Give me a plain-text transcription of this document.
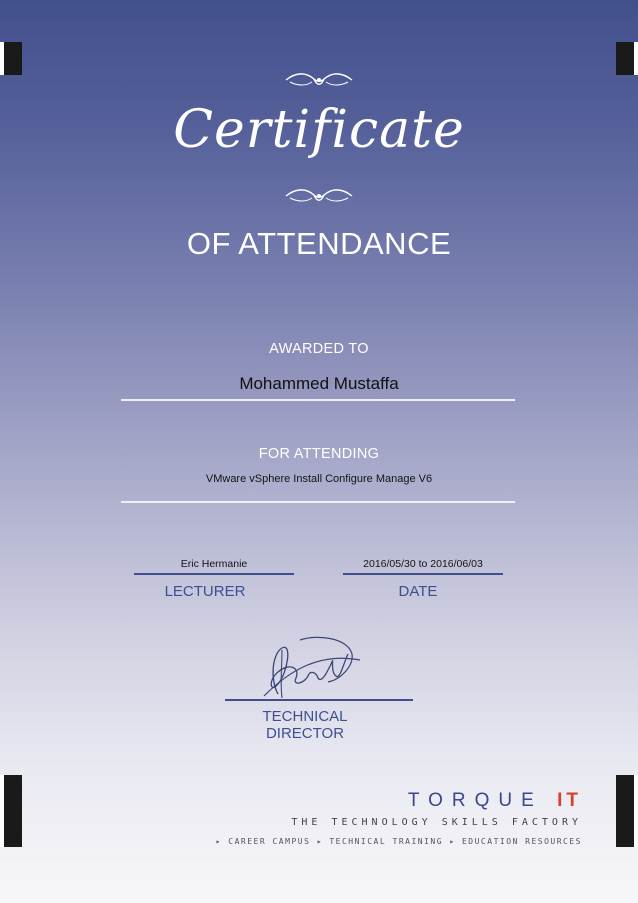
Certificate
OF ATTENDANCE
AWARDED TO
Mohammed Mustaffa
FOR ATTENDING
VMware vSphere Install Configure Manage V6
Eric Hermanie
LECTURER
2016/05/30 to 2016/06/03
DATE
TECHNICAL DIRECTOR
TORQUE IT
THE TECHNOLOGY SKILLS FACTORY
▸ CAREER CAMPUS ▸ TECHNICAL TRAINING ▸ EDUCATION RESOURCES
